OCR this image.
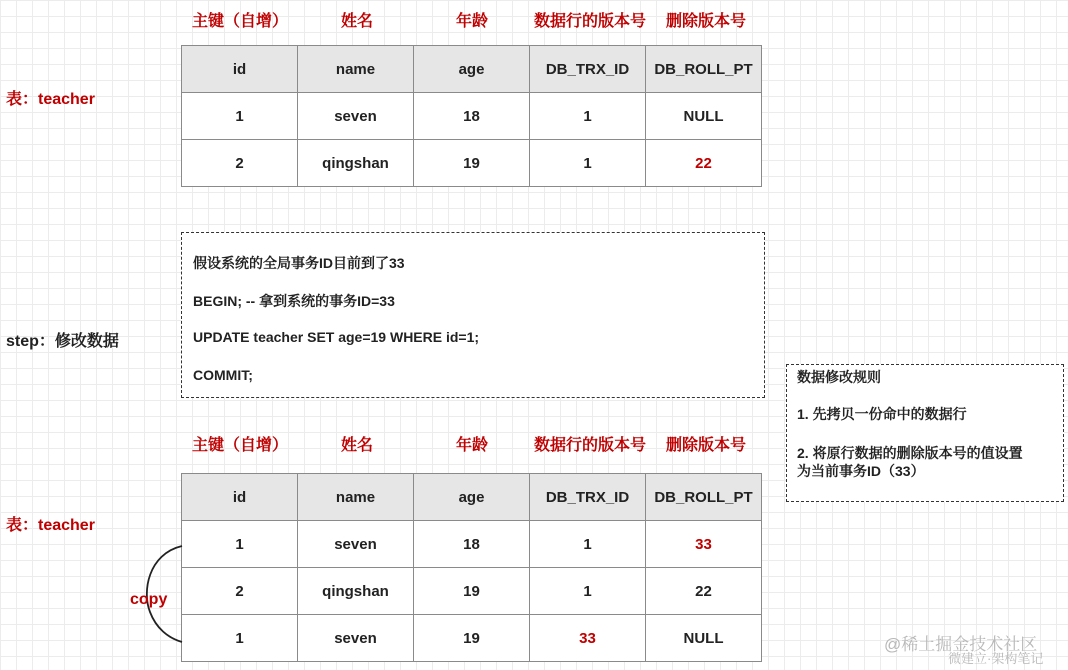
主键（自增）	姓名	年龄	数据行的版本号 删除版本号
表：teacher
id	name	age	DB_TRX_ID	DB_ROLL_PT
1	seven	18	1	NULL
2	qingshan	19	1	22
step：修改数据
假设系统的全局事务ID目前到了33
BEGIN; -- 拿到系统的事务ID=33
UPDATE teacher SET age=19 WHERE id=1;
COMMIT;	数据修改规则
1. 先拷贝一份命中的数据行
2. 将原行数据的删除版本号的值设置
为当前事务ID（33）
主键（自增）	姓名	年龄	数据行的版本号 删除版本号
表：teacher
id	name	age	DB_TRX_ID	DB_ROLL_PT
1	seven	18	1	33
2	qingshan	19	1	22
1	seven	19	33	NULL
copy
@稀土掘金技术社区
微建立·架构笔记
